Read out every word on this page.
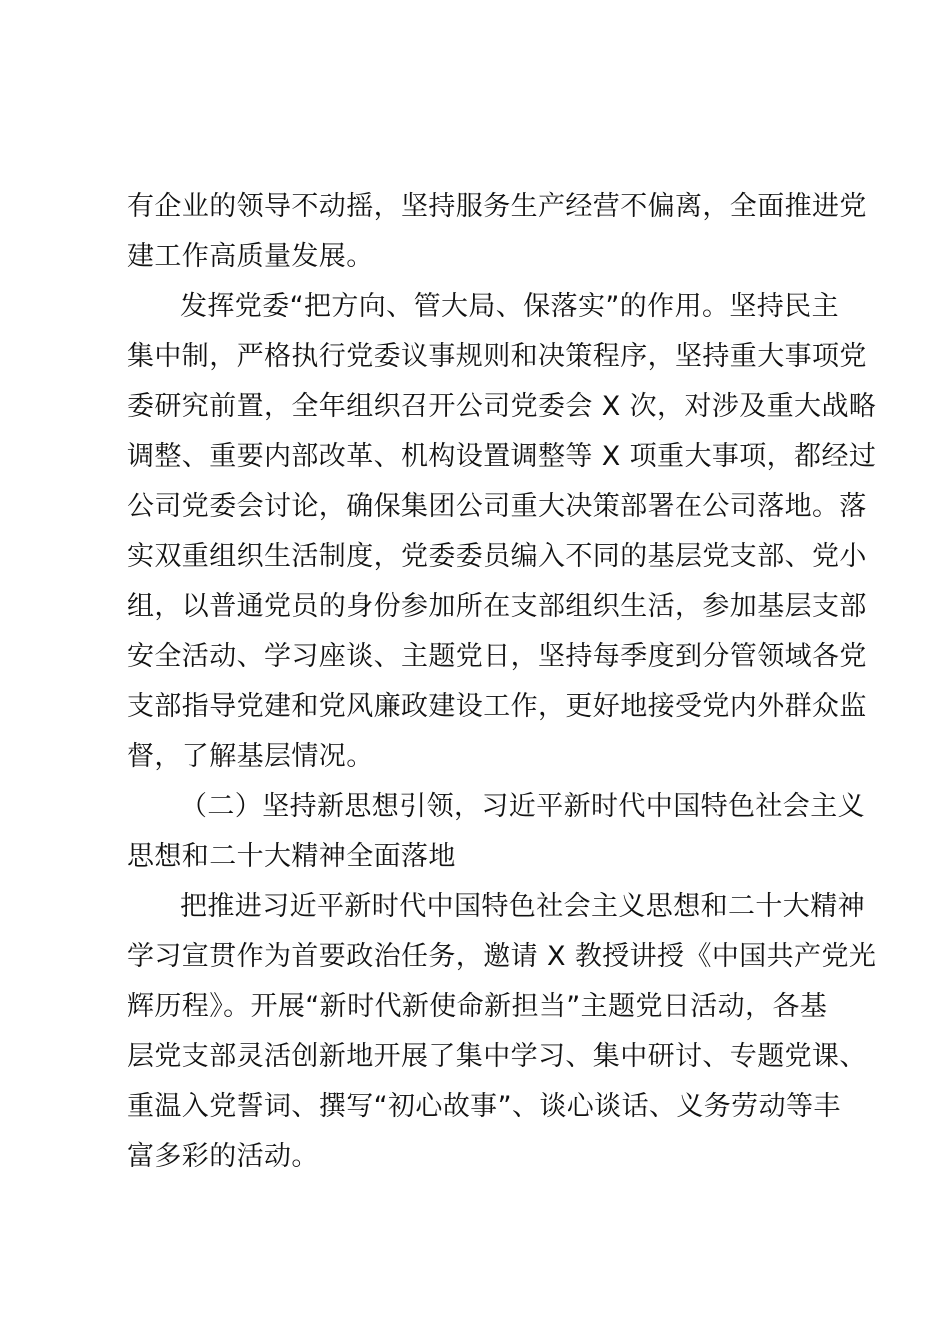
有企业的领导不动摇，坚持服务生产经营不偏离，全面推进党
建工作高质量发展。
发挥党委“把方向、管大局、保落实”的作用。坚持民主
集中制，严格执行党委议事规则和决策程序，坚持重大事项党
委研究前置，全年组织召开公司党委会 X 次，对涉及重大战略
调整、重要内部改革、机构设置调整等 X 项重大事项，都经过
公司党委会讨论，确保集团公司重大决策部署在公司落地。落
实双重组织生活制度，党委委员编入不同的基层党支部、党小
组，以普通党员的身份参加所在支部组织生活，参加基层支部
安全活动、学习座谈、主题党日，坚持每季度到分管领域各党
支部指导党建和党风廉政建设工作，更好地接受党内外群众监
督，了解基层情况。
（二）坚持新思想引领，习近平新时代中国特色社会主义
思想和二十大精神全面落地
把推进习近平新时代中国特色社会主义思想和二十大精神
学习宣贯作为首要政治任务，邀请 X 教授讲授《中国共产党光
辉历程》。开展“新时代新使命新担当”主题党日活动，各基
层党支部灵活创新地开展了集中学习、集中研讨、专题党课、
重温入党誓词、撰写“初心故事”、谈心谈话、义务劳动等丰
富多彩的活动。
